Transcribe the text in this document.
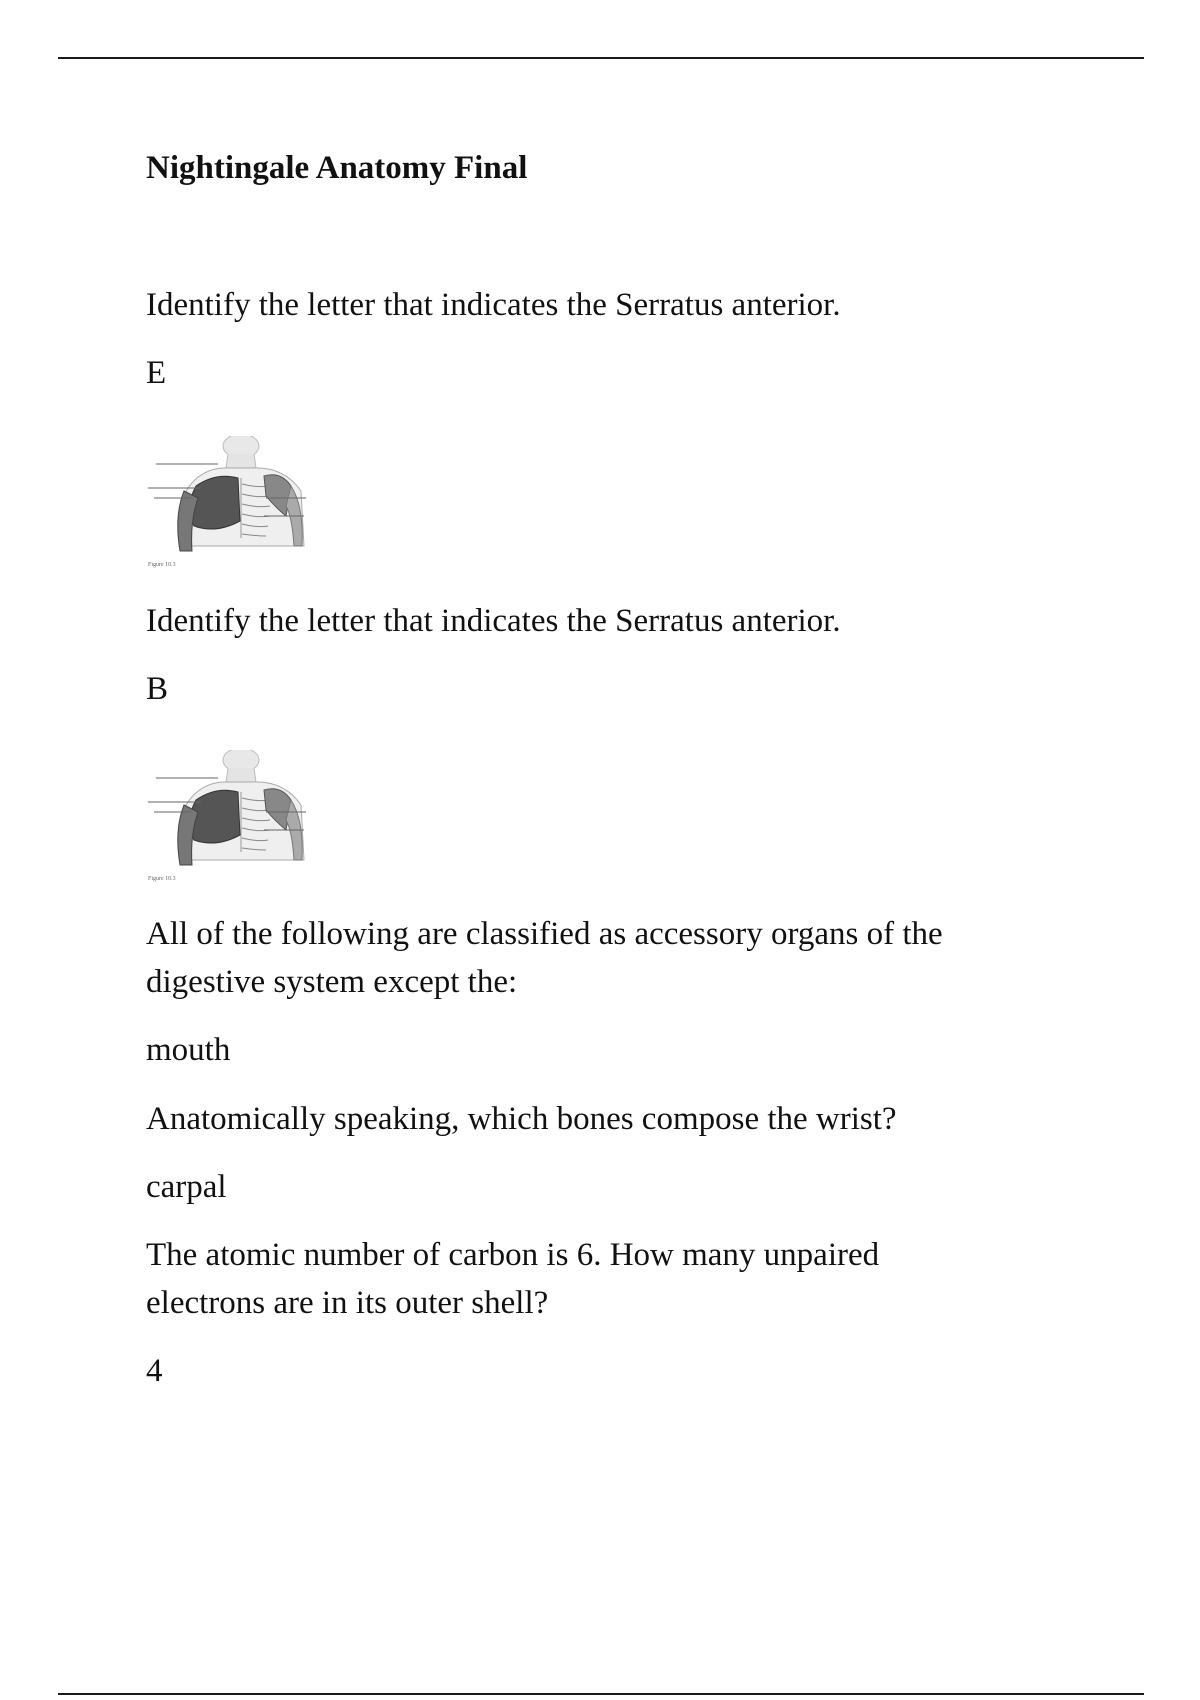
Nightingale Anatomy Final
Identify the letter that indicates the Serratus anterior.
E
Figure 10.3
Identify the letter that indicates the Serratus anterior.
B
Figure 10.3
All of the following are classified as accessory organs of the digestive system except the:
mouth
Anatomically speaking, which bones compose the wrist?
carpal
The atomic number of carbon is 6. How many unpaired electrons are in its outer shell?
4
